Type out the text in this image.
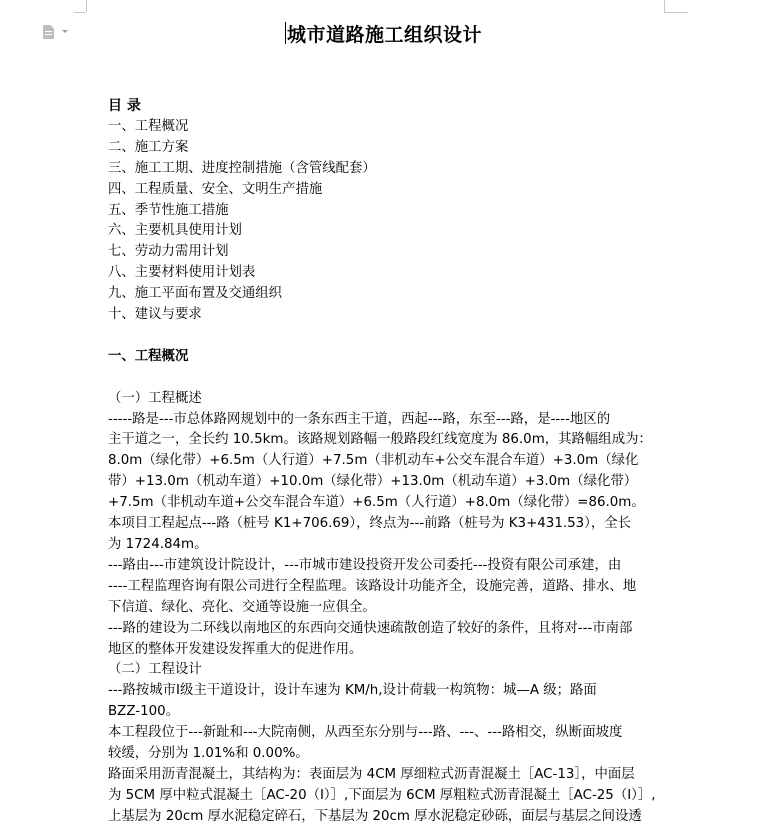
城市道路施工组织设计
目 录
一、工程概况
二、施工方案
三、施工工期、进度控制措施（含管线配套）
四、工程质量、安全、文明生产措施
五、季节性施工措施
六、主要机具使用计划
七、劳动力需用计划
八、主要材料使用计划表
九、施工平面布置及交通组织
十、建议与要求
一、工程概况
（一）工程概述
-----路是---市总体路网规划中的一条东西主干道，西起---路，东至---路，是----地区的
主干道之一，全长约 10.5km。该路规划路幅一般路段红线宽度为 86.0m，其路幅组成为：
8.0m（绿化带）+6.5m（人行道）+7.5m（非机动车+公交车混合车道）+3.0m（绿化
带）+13.0m（机动车道）+10.0m（绿化带）+13.0m（机动车道）+3.0m（绿化带）
+7.5m（非机动车道+公交车混合车道）+6.5m（人行道）+8.0m（绿化带）=86.0m。
本项目工程起点---路（桩号 K1+706.69），终点为---前路（桩号为 K3+431.53），全长
为 1724.84m。
---路由---市建筑设计院设计，---市城市建设投资开发公司委托---投资有限公司承建，由
----工程监理咨询有限公司进行全程监理。该路设计功能齐全，设施完善，道路、排水、地
下信道、绿化、亮化、交通等设施一应俱全。
---路的建设为二环线以南地区的东西向交通快速疏散创造了较好的条件，且将对---市南部
地区的整体开发建设发挥重大的促进作用。
（二）工程设计
---路按城市Ⅰ级主干道设计，设计车速为 KM/h,设计荷载一构筑物：城—A 级；路面
BZZ-100。
本工程段位于---新趾和---大院南侧，从西至东分别与---路、---、---路相交，纵断面坡度
较缓，分别为 1.01%和 0.00%。
路面采用沥青混凝土，其结构为：表面层为 4CM 厚细粒式沥青混凝土［AC-13］，中面层
为 5CM 厚中粒式混凝土［AC-20（Ⅰ）］,下面层为 6CM 厚粗粒式沥青混凝土［AC-25（Ⅰ）］,
上基层为 20cm 厚水泥稳定碎石，下基层为 20cm 厚水泥稳定砂砾，面层与基层之间设透
